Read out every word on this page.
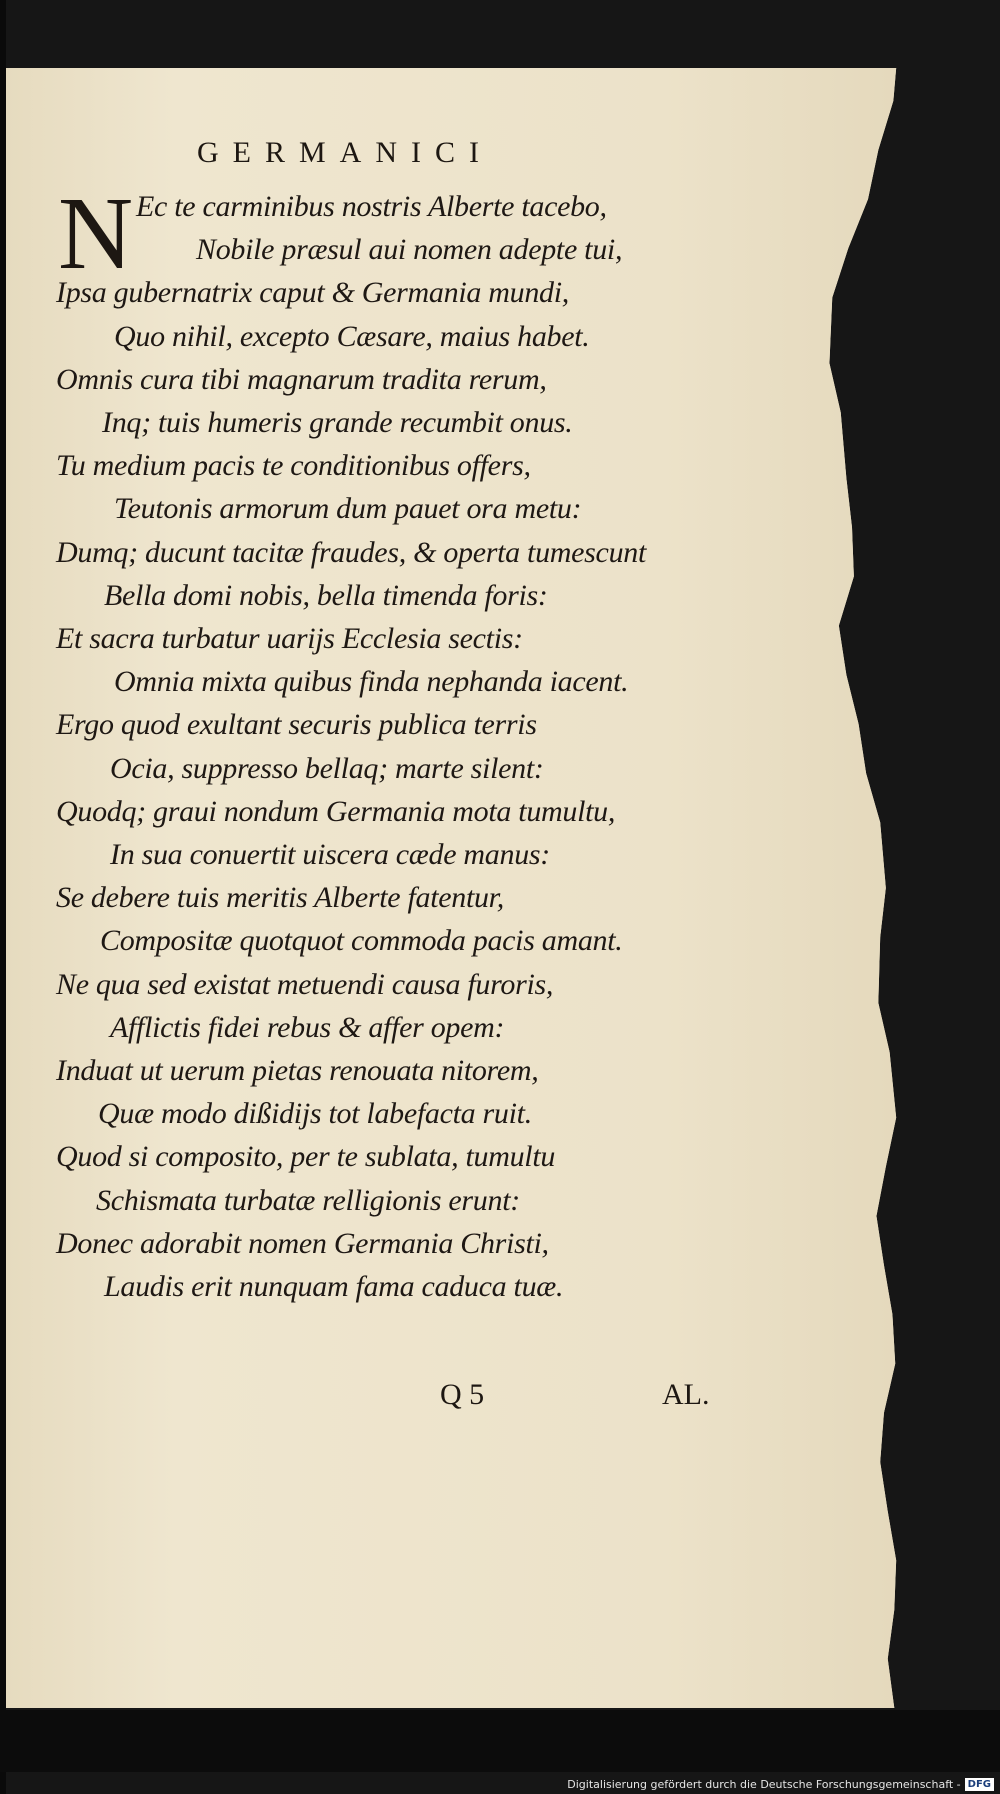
GERMANICI
N Ec te carminibus nostris Alberte tacebo,
Nobile præsul aui nomen adepte tui,
Ipsa gubernatrix caput & Germania mundi,
Quo nihil, excepto Cæsare, maius habet.
Omnis cura tibi magnarum tradita rerum,
Inq; tuis humeris grande recumbit onus.
Tu medium pacis te conditionibus offers,
Teutonis armorum dum pauet ora metu:
Dumq; ducunt tacitæ fraudes, & operta tumescunt
Bella domi nobis, bella timenda foris:
Et sacra turbatur uarijs Ecclesia sectis:
Omnia mixta quibus finda nephanda iacent.
Ergo quod exultant securis publica terris
Ocia, suppresso bellaq; marte silent:
Quodq; graui nondum Germania mota tumultu,
In sua conuertit uiscera cæde manus:
Se debere tuis meritis Alberte fatentur,
Compositæ quotquot commoda pacis amant.
Ne qua sed existat metuendi causa furoris,
Afflictis fidei rebus & affer opem:
Induat ut uerum pietas renouata nitorem,
Quæ modo dißidijs tot labefacta ruit.
Quod si composito, per te sublata, tumultu
Schismata turbatæ relligionis erunt:
Donec adorabit nomen Germania Christi,
Laudis erit nunquam fama caduca tuæ.
Q 5	AL.
Digitalisierung gefördert durch die Deutsche Forschungsgemeinschaft - DFG
